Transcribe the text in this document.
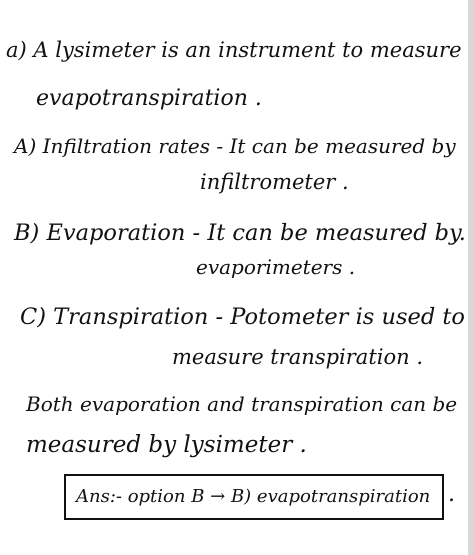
a) A lysimeter is an instrument to measure
evapotranspiration .
A) Infiltration rates - It can be measured by
infiltrometer .
B) Evaporation - It can be measured by.
evaporimeters .
C) Transpiration - Potometer is used to
measure transpiration .
Both evaporation and transpiration can be
measured by lysimeter .
Ans:- option B → B) evapotranspiration .
